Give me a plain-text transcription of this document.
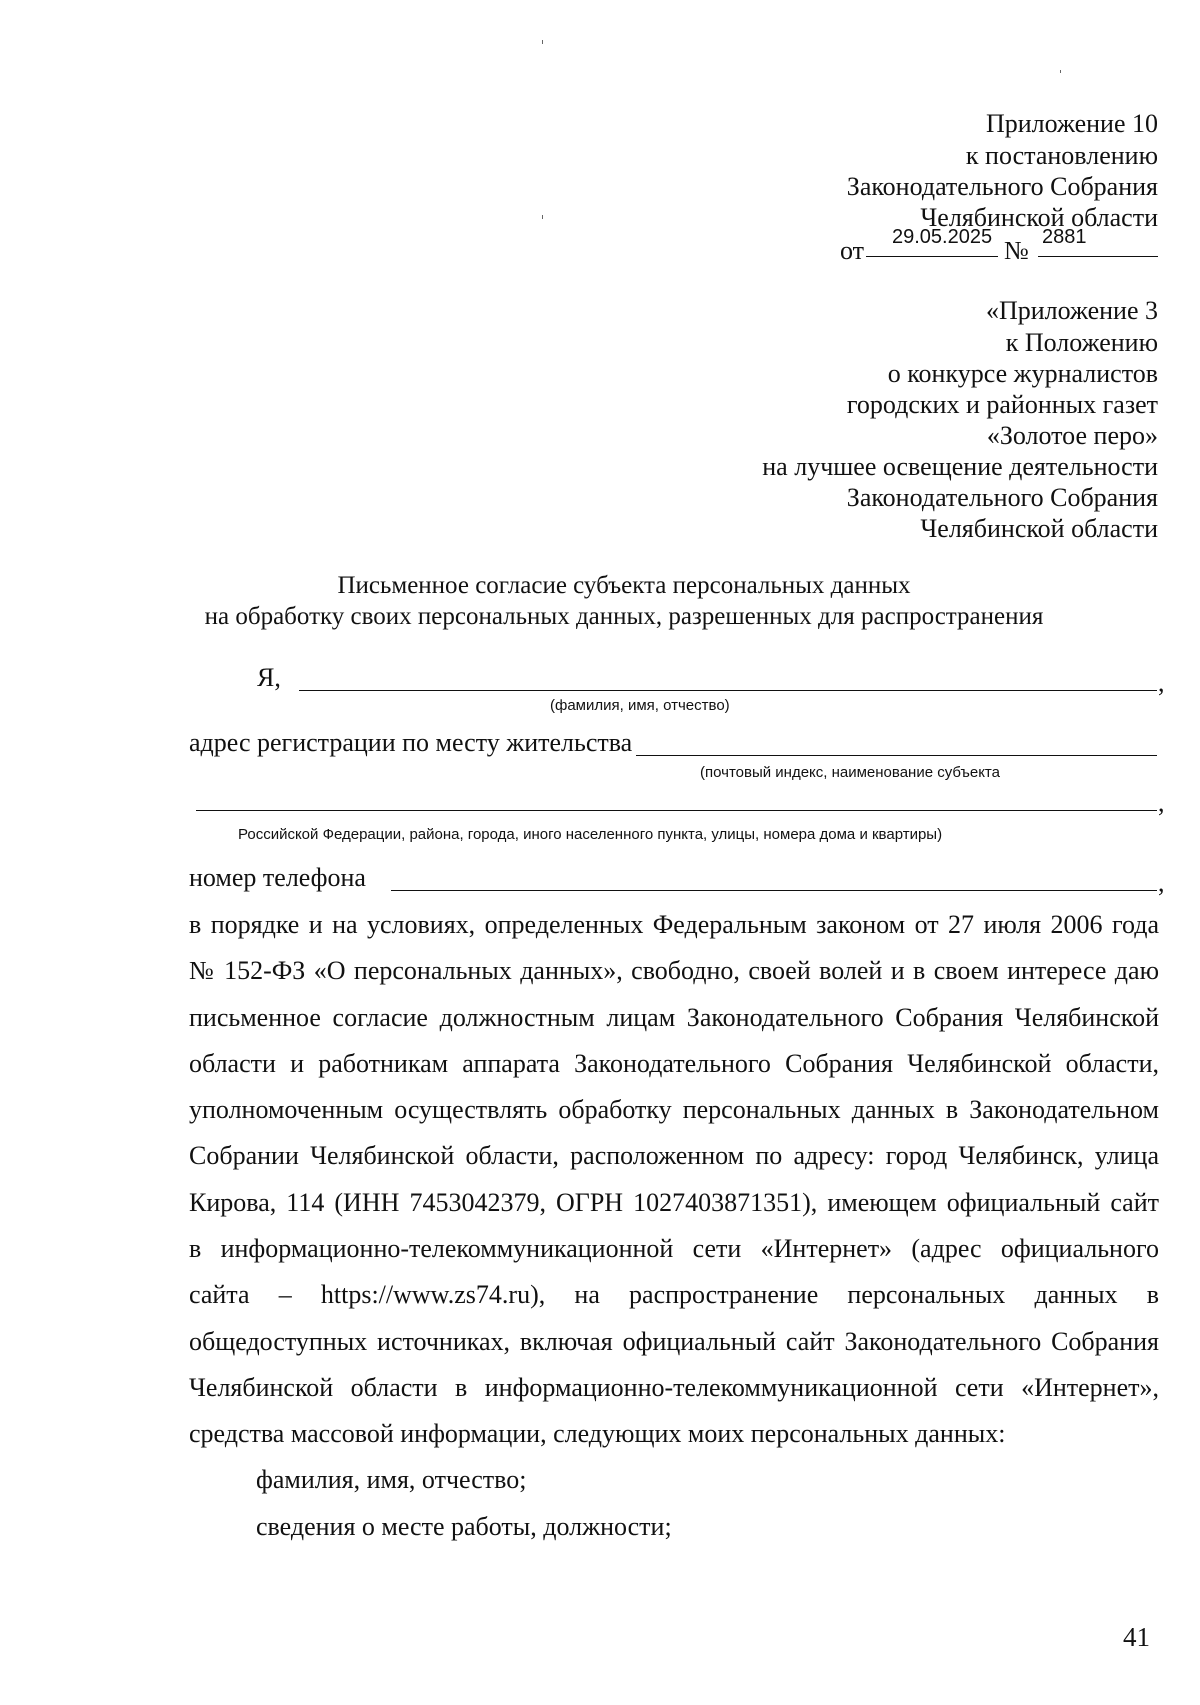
Приложение 10
к постановлению
Законодательного Собрания
Челябинской области
от 29.05.2025 № 2881
«Приложение 3
к Положению
о конкурсе журналистов
городских и районных газет
«Золотое перо»
на лучшее освещение деятельности
Законодательного Собрания
Челябинской области
Письменное согласие субъекта персональных данных
на обработку своих персональных данных, разрешенных для распространения
Я,	,
(фамилия, имя, отчество)
адрес регистрации по месту жительства
(почтовый индекс, наименование субъекта
,
Российской Федерации, района, города, иного населенного пункта, улицы, номера дома и квартиры)
номер телефона	,
в порядке и на условиях, определенных Федеральным законом от 27 июля 2006 года
№ 152-ФЗ «О персональных данных», свободно, своей волей и в своем интересе даю
письменное согласие должностным лицам Законодательного Собрания Челябинской
области и работникам аппарата Законодательного Собрания Челябинской области,
уполномоченным осуществлять обработку персональных данных в Законодательном
Собрании Челябинской области, расположенном по адресу: город Челябинск, улица
Кирова, 114 (ИНН 7453042379, ОГРН 1027403871351), имеющем официальный сайт
в информационно-телекоммуникационной сети «Интернет» (адрес официального
сайта – https://www.zs74.ru), на распространение персональных данных в
общедоступных источниках, включая официальный сайт Законодательного Собрания
Челябинской области в информационно-телекоммуникационной сети «Интернет»,
средства массовой информации, следующих моих персональных данных:
фамилия, имя, отчество;
сведения о месте работы, должности;
41
